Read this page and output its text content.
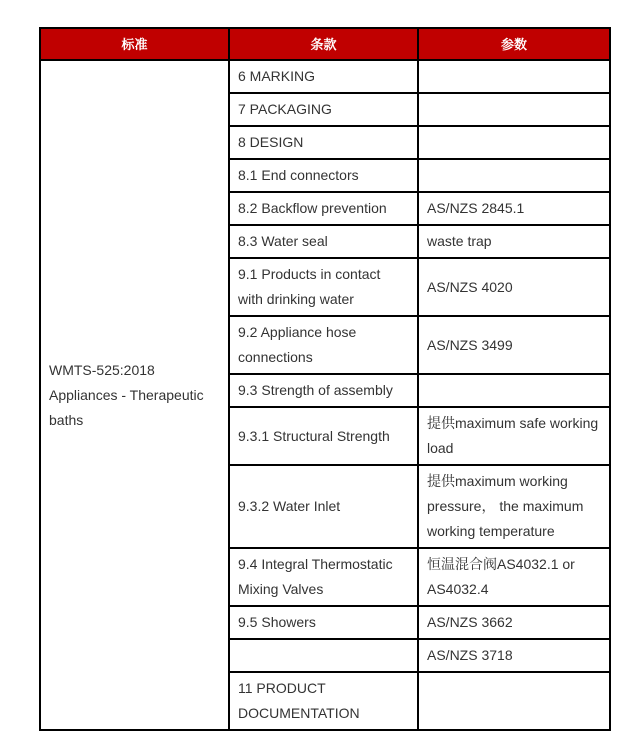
标准	条款	参数

WMTS-525:2018
Appliances - Therapeutic
baths	6 MARKING	
	7 PACKAGING	
	8 DESIGN	
	8.1 End connectors	
	8.2 Backflow prevention	AS/NZS 2845.1
	8.3 Water seal	waste trap
	9.1 Products in contact with drinking water	AS/NZS 4020
	9.2 Appliance hose connections	AS/NZS 3499
	9.3 Strength of assembly	
	9.3.1 Structural Strength	提供maximum safe working load
	9.3.2 Water Inlet	提供maximum working pressure， the maximum working temperature
	9.4 Integral Thermostatic Mixing Valves	恒温混合阀AS4032.1 or AS4032.4
	9.5 Showers	AS/NZS 3662
		AS/NZS 3718
	11 PRODUCT DOCUMENTATION	
